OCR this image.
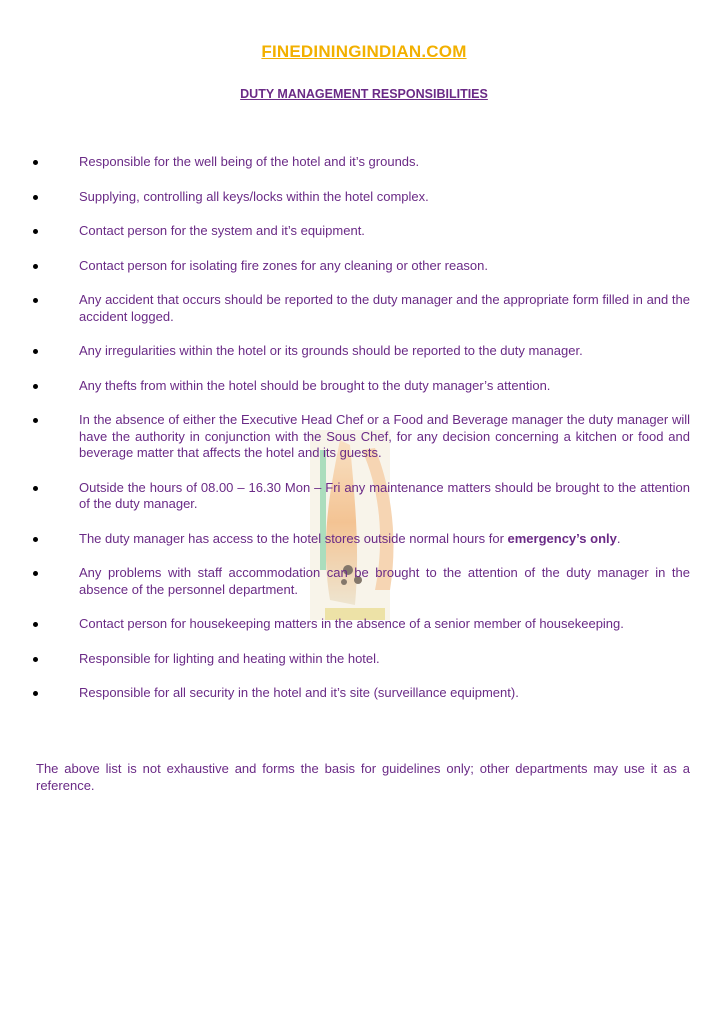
FINEDININGINDIAN.COM
DUTY MANAGEMENT RESPONSIBILITIES
Responsible for the well being of the hotel and it’s grounds.
Supplying, controlling all keys/locks within the hotel complex.
Contact person for the system and it’s equipment.
Contact person for isolating fire zones for any cleaning or other reason.
Any accident that occurs should be reported to the duty manager and the appropriate form filled in and the accident logged.
Any irregularities within the hotel or its grounds should be reported to the duty manager.
Any thefts from within the hotel should be brought to the duty manager’s attention.
In the absence of either the Executive Head Chef or a Food and Beverage manager the duty manager will have the authority in conjunction with the Sous Chef, for any decision concerning a kitchen or food and beverage matter that affects the hotel and its guests.
Outside the hours of 08.00 – 16.30 Mon – Fri any maintenance matters should be brought to the attention of the duty manager.
The duty manager has access to the hotel stores outside normal hours for emergency’s only.
Any problems with staff accommodation can be brought to the attention of the duty manager in the absence of the personnel department.
Contact person for housekeeping matters in the absence of a senior member of housekeeping.
Responsible for lighting and heating within the hotel.
Responsible for all security in the hotel and it’s site (surveillance equipment).

The above list is not exhaustive and forms the basis for guidelines only; other departments may use it as a reference.
